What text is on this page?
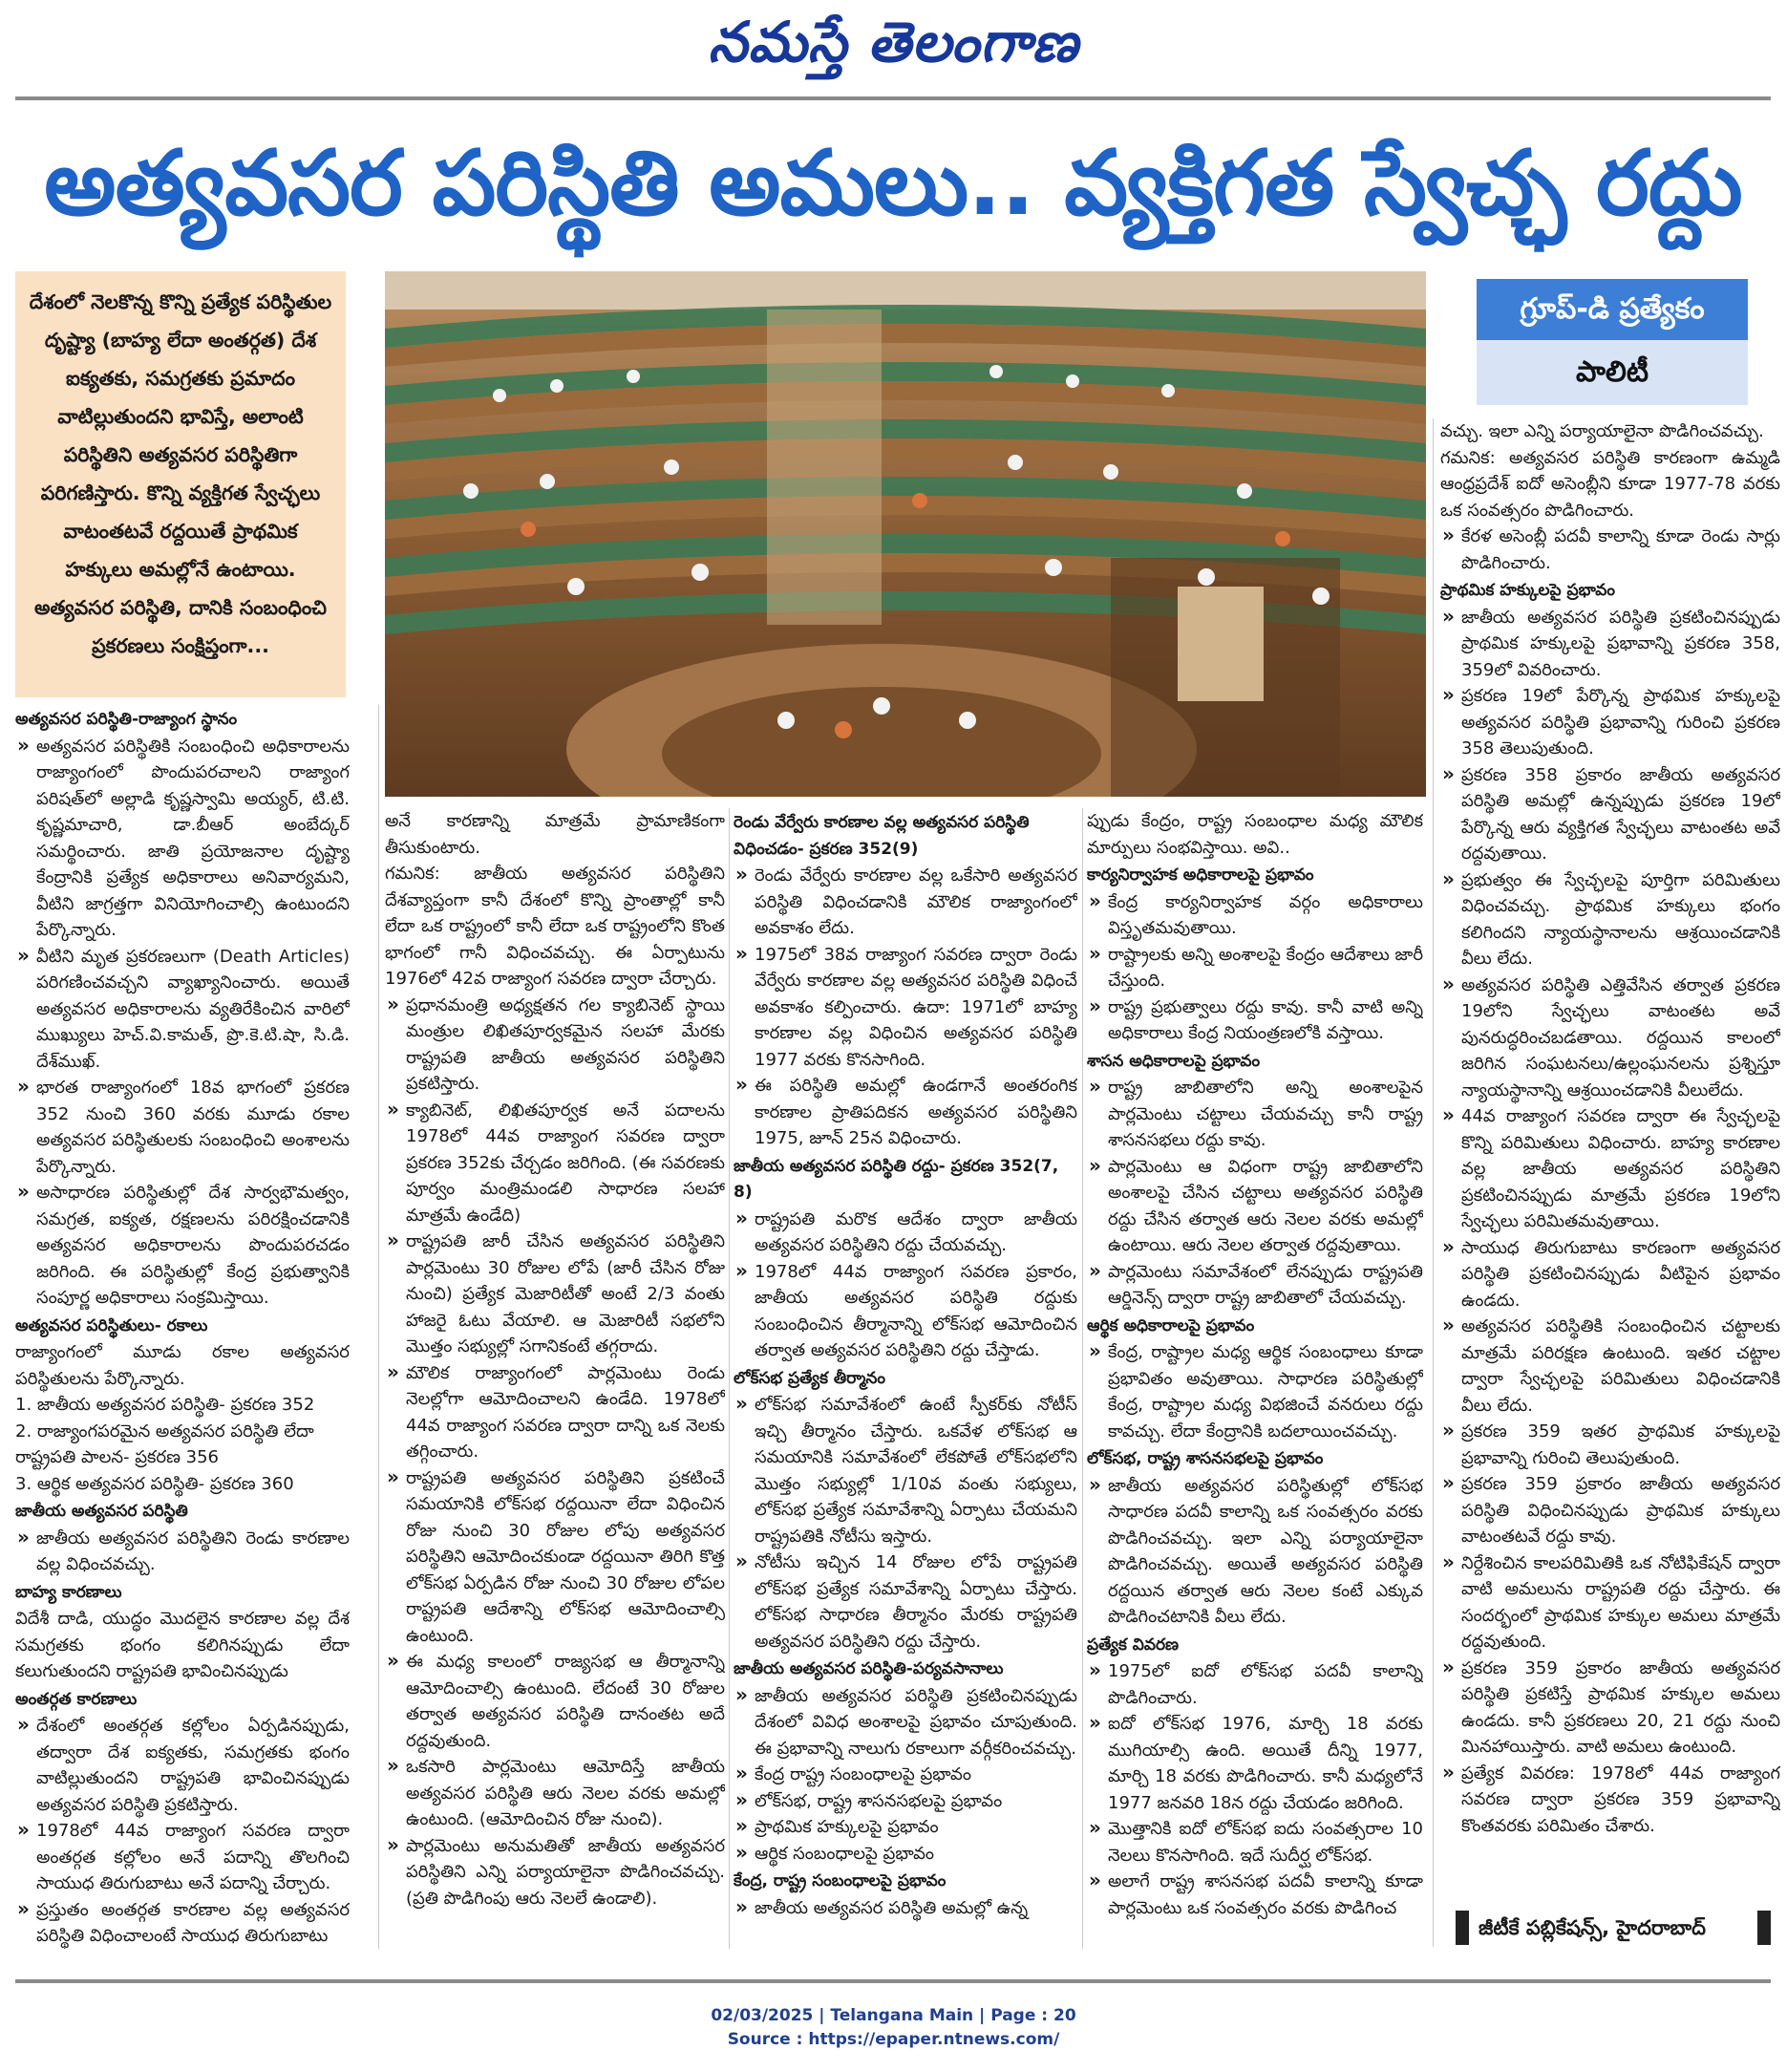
నమస్తే తెలంగాణ
అత్యవసర పరిస్థితి అమలు.. వ్యక్తిగత స్వేచ్ఛ రద్దు
దేశంలో నెలకొన్న కొన్ని ప్రత్యేక పరిస్థితుల దృష్ట్యా (బాహ్య లేదా అంతర్గత) దేశ ఐక్యతకు, సమగ్రతకు ప్రమాదం వాటిల్లుతుందని భావిస్తే, అలాంటి పరిస్థితిని అత్యవసర పరిస్థితిగా పరిగణిస్తారు. కొన్ని వ్యక్తిగత స్వేచ్ఛలు వాటంతటవే రద్దయితే ప్రాథమిక హక్కులు అమల్లోనే ఉంటాయి. అత్యవసర పరిస్థితి, దానికి సంబంధించి ప్రకరణలు సంక్షిప్తంగా...
గ్రూప్-డి ప్రత్యేకం
పాలిటీ
అత్యవసర పరిస్థితి-రాజ్యాంగ స్థానం
» అత్యవసర పరిస్థితికి సంబంధించి అధికారాలను రాజ్యాంగంలో పొందుపరచాలని రాజ్యాంగ పరిషత్‌లో అల్లాడి కృష్ణస్వామి అయ్యర్, టి.టి. కృష్ణమాచారి, డా.బీఆర్ అంబేద్కర్ సమర్థించారు. జాతి ప్రయోజనాల దృష్ట్యా కేంద్రానికి ప్రత్యేక అధికారాలు అనివార్యమని, వీటిని జాగ్రత్తగా వినియోగించాల్సి ఉంటుందని పేర్కొన్నారు.
» వీటిని మృత ప్రకరణలుగా (Death Articles) పరిగణించవచ్చని వ్యాఖ్యానించారు. అయితే అత్యవసర అధికారాలను వ్యతిరేకించిన వారిలో ముఖ్యులు హెచ్.వి.కామత్, ప్రొ.కె.టి.షా, సి.డి. దేశ్‌ముఖ్.
» భారత రాజ్యాంగంలో 18వ భాగంలో ప్రకరణ 352 నుంచి 360 వరకు మూడు రకాల అత్యవసర పరిస్థితులకు సంబంధించి అంశాలను పేర్కొన్నారు.
» అసాధారణ పరిస్థితుల్లో దేశ సార్వభౌమత్వం, సమగ్రత, ఐక్యత, రక్షణలను పరిరక్షించడానికి అత్యవసర అధికారాలను పొందుపరచడం జరిగింది. ఈ పరిస్థితుల్లో కేంద్ర ప్రభుత్వానికి సంపూర్ణ అధికారాలు సంక్రమిస్తాయి.
అత్యవసర పరిస్థితులు- రకాలు
రాజ్యాంగంలో మూడు రకాల అత్యవసర పరిస్థితులను పేర్కొన్నారు.
1. జాతీయ అత్యవసర పరిస్థితి- ప్రకరణ 352
2. రాజ్యాంగపరమైన అత్యవసర పరిస్థితి లేదా రాష్ట్రపతి పాలన- ప్రకరణ 356
3. ఆర్థిక అత్యవసర పరిస్థితి- ప్రకరణ 360
జాతీయ అత్యవసర పరిస్థితి
» జాతీయ అత్యవసర పరిస్థితిని రెండు కారణాల వల్ల విధించవచ్చు.
బాహ్య కారణాలు
విదేశీ దాడి, యుద్ధం మొదలైన కారణాల వల్ల దేశ సమగ్రతకు భంగం కలిగినప్పుడు లేదా కలుగుతుందని రాష్ట్రపతి భావించినప్పుడు
అంతర్గత కారణాలు
» దేశంలో అంతర్గత కల్లోలం ఏర్పడినప్పుడు, తద్వారా దేశ ఐక్యతకు, సమగ్రతకు భంగం వాటిల్లుతుందని రాష్ట్రపతి భావించినప్పుడు అత్యవసర పరిస్థితి ప్రకటిస్తారు.
» 1978లో 44వ రాజ్యాంగ సవరణ ద్వారా అంతర్గత కల్లోలం అనే పదాన్ని తొలగించి సాయుధ తిరుగుబాటు అనే పదాన్ని చేర్చారు.
» ప్రస్తుతం అంతర్గత కారణాల వల్ల అత్యవసర పరిస్థితి విధించాలంటే సాయుధ తిరుగుబాటు
అనే కారణాన్ని మాత్రమే ప్రామాణికంగా తీసుకుంటారు.
గమనిక: జాతీయ అత్యవసర పరిస్థితిని దేశవ్యాప్తంగా కానీ దేశంలో కొన్ని ప్రాంతాల్లో కానీ లేదా ఒక రాష్ట్రంలో కానీ లేదా ఒక రాష్ట్రంలోని కొంత భాగంలో గానీ విధించవచ్చు. ఈ ఏర్పాటును 1976లో 42వ రాజ్యాంగ సవరణ ద్వారా చేర్చారు.
» ప్రధానమంత్రి అధ్యక్షతన గల క్యాబినెట్ స్థాయి మంత్రుల లిఖితపూర్వకమైన సలహా మేరకు రాష్ట్రపతి జాతీయ అత్యవసర పరిస్థితిని ప్రకటిస్తారు.
» క్యాబినెట్, లిఖితపూర్వక అనే పదాలను 1978లో 44వ రాజ్యాంగ సవరణ ద్వారా ప్రకరణ 352కు చేర్చడం జరిగింది. (ఈ సవరణకు పూర్వం మంత్రిమండలి సాధారణ సలహా మాత్రమే ఉండేది)
» రాష్ట్రపతి జారీ చేసిన అత్యవసర పరిస్థితిని పార్లమెంటు 30 రోజుల లోపే (జారీ చేసిన రోజు నుంచి) ప్రత్యేక మెజారిటీతో అంటే 2/3 వంతు హాజరై ఓటు వేయాలి. ఆ మెజారిటీ సభలోని మొత్తం సభ్యుల్లో సగానికంటే తగ్గరాదు.
» మౌలిక రాజ్యాంగంలో పార్లమెంటు రెండు నెలల్లోగా ఆమోదించాలని ఉండేది. 1978లో 44వ రాజ్యాంగ సవరణ ద్వారా దాన్ని ఒక నెలకు తగ్గించారు.
» రాష్ట్రపతి అత్యవసర పరిస్థితిని ప్రకటించే సమయానికి లోక్‌సభ రద్దయినా లేదా విధించిన రోజు నుంచి 30 రోజుల లోపు అత్యవసర పరిస్థితిని ఆమోదించకుండా రద్దయినా తిరిగి కొత్త లోక్‌సభ ఏర్పడిన రోజు నుంచి 30 రోజుల లోపల రాష్ట్రపతి ఆదేశాన్ని లోక్‌సభ ఆమోదించాల్సి ఉంటుంది.
» ఈ మధ్య కాలంలో రాజ్యసభ ఆ తీర్మానాన్ని ఆమోదించాల్సి ఉంటుంది. లేదంటే 30 రోజుల తర్వాత అత్యవసర పరిస్థితి దానంతట అదే రద్దవుతుంది.
» ఒకసారి పార్లమెంటు ఆమోదిస్తే జాతీయ అత్యవసర పరిస్థితి ఆరు నెలల వరకు అమల్లో ఉంటుంది. (ఆమోదించిన రోజు నుంచి).
» పార్లమెంటు అనుమతితో జాతీయ అత్యవసర పరిస్థితిని ఎన్ని పర్యాయాలైనా పొడిగించవచ్చు. (ప్రతి పొడిగింపు ఆరు నెలలే ఉండాలి).
రెండు వేర్వేరు కారణాల వల్ల అత్యవసర పరిస్థితి విధించడం- ప్రకరణ 352(9)
» రెండు వేర్వేరు కారణాల వల్ల ఒకేసారి అత్యవసర పరిస్థితి విధించడానికి మౌలిక రాజ్యాంగంలో అవకాశం లేదు.
» 1975లో 38వ రాజ్యాంగ సవరణ ద్వారా రెండు వేర్వేరు కారణాల వల్ల అత్యవసర పరిస్థితి విధించే అవకాశం కల్పించారు. ఉదా: 1971లో బాహ్య కారణాల వల్ల విధించిన అత్యవసర పరిస్థితి 1977 వరకు కొనసాగింది.
» ఈ పరిస్థితి అమల్లో ఉండగానే అంతరంగిక కారణాల ప్రాతిపదికన అత్యవసర పరిస్థితిని 1975, జూన్ 25న విధించారు.
జాతీయ అత్యవసర పరిస్థితి రద్దు- ప్రకరణ 352(7, 8)
» రాష్ట్రపతి మరొక ఆదేశం ద్వారా జాతీయ అత్యవసర పరిస్థితిని రద్దు చేయవచ్చు.
» 1978లో 44వ రాజ్యాంగ సవరణ ప్రకారం, జాతీయ అత్యవసర పరిస్థితి రద్దుకు సంబంధించిన తీర్మానాన్ని లోక్‌సభ ఆమోదించిన తర్వాత అత్యవసర పరిస్థితిని రద్దు చేస్తాడు.
లోక్‌సభ ప్రత్యేక తీర్మానం
» లోక్‌సభ సమావేశంలో ఉంటే స్పీకర్‌కు నోటీస్ ఇచ్చి తీర్మానం చేస్తారు. ఒకవేళ లోక్‌సభ ఆ సమయానికి సమావేశంలో లేకపోతే లోక్‌సభలోని మొత్తం సభ్యుల్లో 1/10వ వంతు సభ్యులు, లోక్‌సభ ప్రత్యేక సమావేశాన్ని ఏర్పాటు చేయమని రాష్ట్రపతికి నోటీసు ఇస్తారు.
» నోటీసు ఇచ్చిన 14 రోజుల లోపే రాష్ట్రపతి లోక్‌సభ ప్రత్యేక సమావేశాన్ని ఏర్పాటు చేస్తారు. లోక్‌సభ సాధారణ తీర్మానం మేరకు రాష్ట్రపతి అత్యవసర పరిస్థితిని రద్దు చేస్తారు.
జాతీయ అత్యవసర పరిస్థితి-పర్యవసానాలు
» జాతీయ అత్యవసర పరిస్థితి ప్రకటించినప్పుడు దేశంలో వివిధ అంశాలపై ప్రభావం చూపుతుంది. ఈ ప్రభావాన్ని నాలుగు రకాలుగా వర్గీకరించవచ్చు.
» కేంద్ర రాష్ట్ర సంబంధాలపై ప్రభావం
» లోక్‌సభ, రాష్ట్ర శాసనసభలపై ప్రభావం
» ప్రాథమిక హక్కులపై ప్రభావం
» ఆర్థిక సంబంధాలపై ప్రభావం
కేంద్ర, రాష్ట్ర సంబంధాలపై ప్రభావం
» జాతీయ అత్యవసర పరిస్థితి అమల్లో ఉన్న
ప్పుడు కేంద్రం, రాష్ట్ర సంబంధాల మధ్య మౌలిక మార్పులు సంభవిస్తాయి. అవి..
కార్యనిర్వాహక అధికారాలపై ప్రభావం
» కేంద్ర కార్యనిర్వాహక వర్గం అధికారాలు విస్తృతమవుతాయి.
» రాష్ట్రాలకు అన్ని అంశాలపై కేంద్రం ఆదేశాలు జారీ చేస్తుంది.
» రాష్ట్ర ప్రభుత్వాలు రద్దు కావు. కానీ వాటి అన్ని అధికారాలు కేంద్ర నియంత్రణలోకి వస్తాయి.
శాసన అధికారాలపై ప్రభావం
» రాష్ట్ర జాబితాలోని అన్ని అంశాలపైన పార్లమెంటు చట్టాలు చేయవచ్చు కానీ రాష్ట్ర శాసనసభలు రద్దు కావు.
» పార్లమెంటు ఆ విధంగా రాష్ట్ర జాబితాలోని అంశాలపై చేసిన చట్టాలు అత్యవసర పరిస్థితి రద్దు చేసిన తర్వాత ఆరు నెలల వరకు అమల్లో ఉంటాయి. ఆరు నెలల తర్వాత రద్దవుతాయి.
» పార్లమెంటు సమావేశంలో లేనప్పుడు రాష్ట్రపతి ఆర్డినెన్స్ ద్వారా రాష్ట్ర జాబితాలో చేయవచ్చు.
ఆర్థిక అధికారాలపై ప్రభావం
» కేంద్ర, రాష్ట్రాల మధ్య ఆర్థిక సంబంధాలు కూడా ప్రభావితం అవుతాయి. సాధారణ పరిస్థితుల్లో కేంద్ర, రాష్ట్రాల మధ్య విభజించే వనరులు రద్దు కావచ్చు. లేదా కేంద్రానికి బదలాయించవచ్చు.
లోక్‌సభ, రాష్ట్ర శాసనసభలపై ప్రభావం
» జాతీయ అత్యవసర పరిస్థితుల్లో లోక్‌సభ సాధారణ పదవీ కాలాన్ని ఒక సంవత్సరం వరకు పొడిగించవచ్చు. ఇలా ఎన్ని పర్యాయాలైనా పొడిగించవచ్చు. అయితే అత్యవసర పరిస్థితి రద్దయిన తర్వాత ఆరు నెలల కంటే ఎక్కువ పొడిగించటానికి వీలు లేదు.
ప్రత్యేక వివరణ
» 1975లో ఐదో లోక్‌సభ పదవీ కాలాన్ని పొడిగించారు.
» ఐదో లోక్‌సభ 1976, మార్చి 18 వరకు ముగియాల్సి ఉంది. అయితే దీన్ని 1977, మార్చి 18 వరకు పొడిగించారు. కానీ మధ్యలోనే 1977 జనవరి 18న రద్దు చేయడం జరిగింది.
» మొత్తానికి ఐదో లోక్‌సభ ఐదు సంవత్సరాల 10 నెలలు కొనసాగింది. ఇదే సుదీర్ఘ లోక్‌సభ.
» అలాగే రాష్ట్ర శాసనసభ పదవీ కాలాన్ని కూడా పార్లమెంటు ఒక సంవత్సరం వరకు పొడిగించ
వచ్చు. ఇలా ఎన్ని పర్యాయాలైనా పొడిగించవచ్చు.
గమనిక: అత్యవసర పరిస్థితి కారణంగా ఉమ్మడి ఆంధ్రప్రదేశ్ ఐదో అసెంబ్లీని కూడా 1977-78 వరకు ఒక సంవత్సరం పొడిగించారు.
» కేరళ అసెంబ్లీ పదవీ కాలాన్ని కూడా రెండు సార్లు పొడిగించారు.
ప్రాథమిక హక్కులపై ప్రభావం
» జాతీయ అత్యవసర పరిస్థితి ప్రకటించినప్పుడు ప్రాథమిక హక్కులపై ప్రభావాన్ని ప్రకరణ 358, 359లో వివరించారు.
» ప్రకరణ 19లో పేర్కొన్న ప్రాథమిక హక్కులపై అత్యవసర పరిస్థితి ప్రభావాన్ని గురించి ప్రకరణ 358 తెలుపుతుంది.
» ప్రకరణ 358 ప్రకారం జాతీయ అత్యవసర పరిస్థితి అమల్లో ఉన్నప్పుడు ప్రకరణ 19లో పేర్కొన్న ఆరు వ్యక్తిగత స్వేచ్ఛలు వాటంతట అవే రద్దవుతాయి.
» ప్రభుత్వం ఈ స్వేచ్ఛలపై పూర్తిగా పరిమితులు విధించవచ్చు. ప్రాథమిక హక్కులు భంగం కలిగిందని న్యాయస్థానాలను ఆశ్రయించడానికి వీలు లేదు.
» అత్యవసర పరిస్థితి ఎత్తివేసిన తర్వాత ప్రకరణ 19లోని స్వేచ్ఛలు వాటంతట అవే పునరుద్ధరించబడతాయి. రద్దయిన కాలంలో జరిగిన సంఘటనలు/ఉల్లంఘనలను ప్రశ్నిస్తూ న్యాయస్థానాన్ని ఆశ్రయించడానికి వీలులేదు.
» 44వ రాజ్యాంగ సవరణ ద్వారా ఈ స్వేచ్ఛలపై కొన్ని పరిమితులు విధించారు. బాహ్య కారణాల వల్ల జాతీయ అత్యవసర పరిస్థితిని ప్రకటించినప్పుడు మాత్రమే ప్రకరణ 19లోని స్వేచ్ఛలు పరిమితమవుతాయి.
» సాయుధ తిరుగుబాటు కారణంగా అత్యవసర పరిస్థితి ప్రకటించినప్పుడు వీటిపైన ప్రభావం ఉండదు.
» అత్యవసర పరిస్థితికి సంబంధించిన చట్టాలకు మాత్రమే పరిరక్షణ ఉంటుంది. ఇతర చట్టాల ద్వారా స్వేచ్ఛలపై పరిమితులు విధించడానికి వీలు లేదు.
» ప్రకరణ 359 ఇతర ప్రాథమిక హక్కులపై ప్రభావాన్ని గురించి తెలుపుతుంది.
» ప్రకరణ 359 ప్రకారం జాతీయ అత్యవసర పరిస్థితి విధించినప్పుడు ప్రాథమిక హక్కులు వాటంతటవే రద్దు కావు.
» నిర్దేశించిన కాలపరిమితికి ఒక నోటిఫికేషన్ ద్వారా వాటి అమలును రాష్ట్రపతి రద్దు చేస్తారు. ఈ సందర్భంలో ప్రాథమిక హక్కుల అమలు మాత్రమే రద్దవుతుంది.
» ప్రకరణ 359 ప్రకారం జాతీయ అత్యవసర పరిస్థితి ప్రకటిస్తే ప్రాథమిక హక్కుల అమలు ఉండదు. కానీ ప్రకరణలు 20, 21 రద్దు నుంచి మినహాయిస్తారు. వాటి అమలు ఉంటుంది.
» ప్రత్యేక వివరణ: 1978లో 44వ రాజ్యాంగ సవరణ ద్వారా ప్రకరణ 359 ప్రభావాన్ని కొంతవరకు పరిమితం చేశారు.
జీటీకే పబ్లికేషన్స్, హైదరాబాద్
02/03/2025 | Telangana Main | Page : 20
Source : https://epaper.ntnews.com/
